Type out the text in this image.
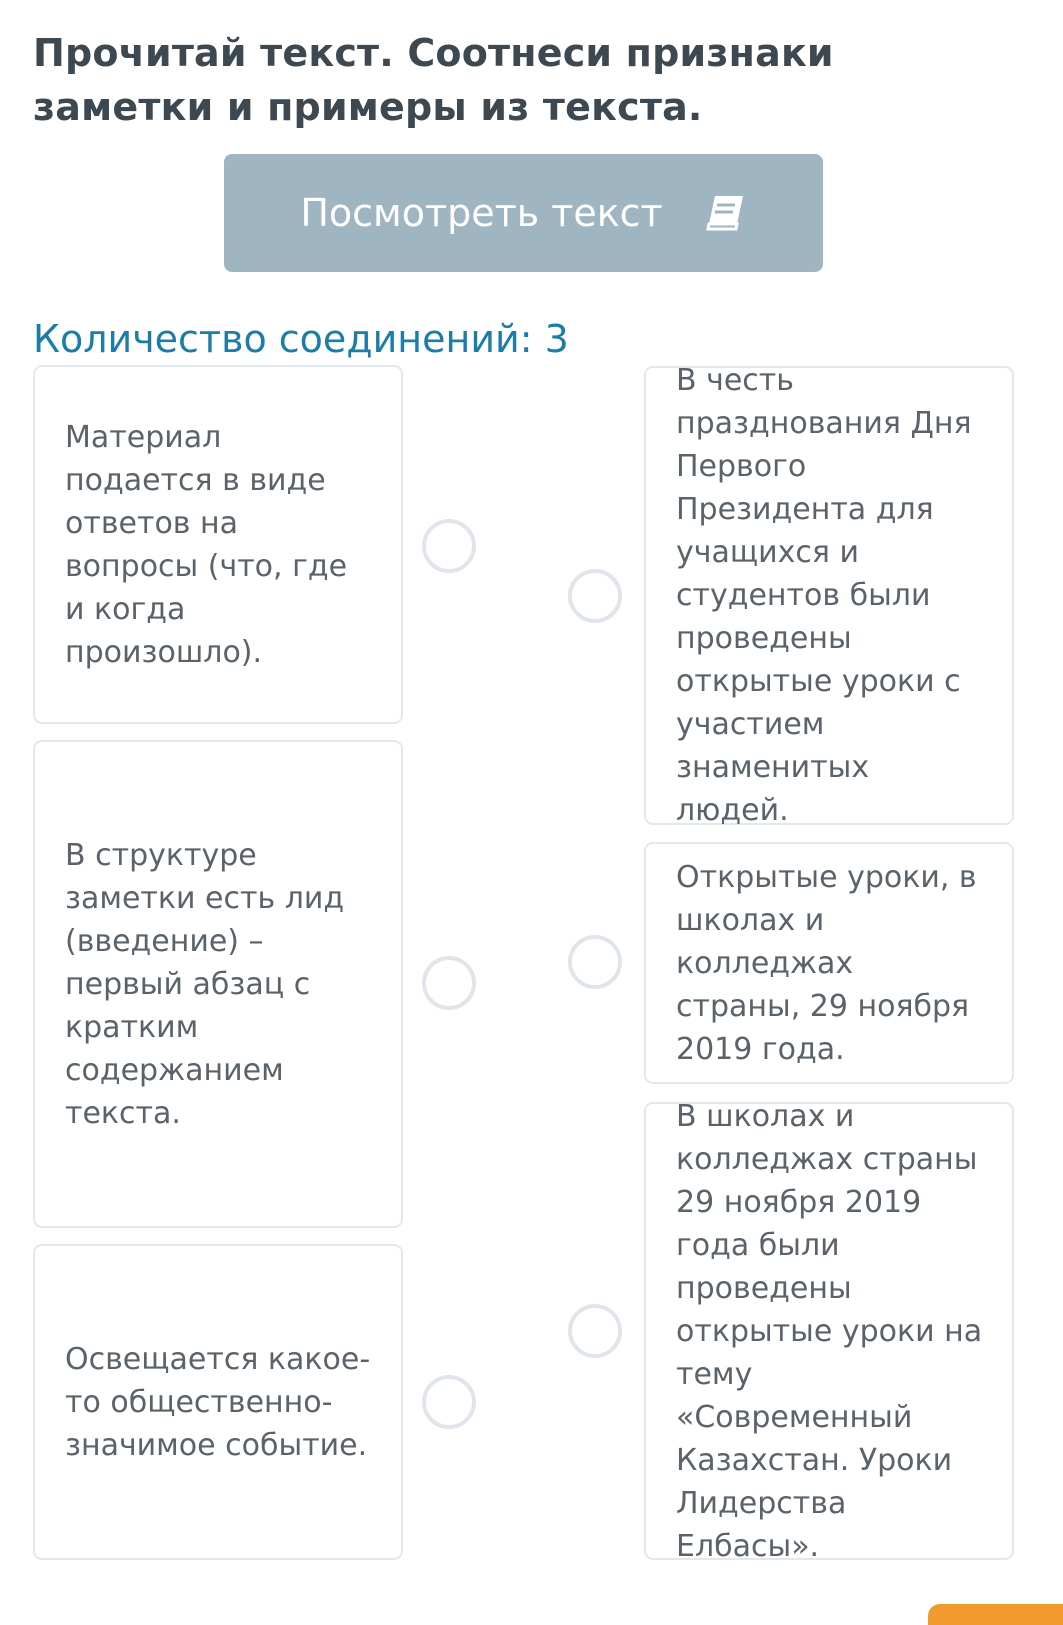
Прочитай текст. Соотнеси признаки заметки и примеры из текста.
Посмотреть текст
Количество соединений: 3
Материал подается в виде ответов на вопросы (что, где и когда произошло).
В структуре заметки есть лид (введение) – первый абзац с кратким содержанием текста.
Освещается какое-то общественно-значимое событие.
В честь празднования Дня Первого Президента для учащихся и студентов были проведены открытые уроки с участием знаменитых людей.
Открытые уроки, в школах и колледжах страны, 29 ноября 2019 года.
В школах и колледжах страны 29 ноября 2019 года были проведены открытые уроки на тему «Современный Казахстан. Уроки Лидерства Елбасы».
